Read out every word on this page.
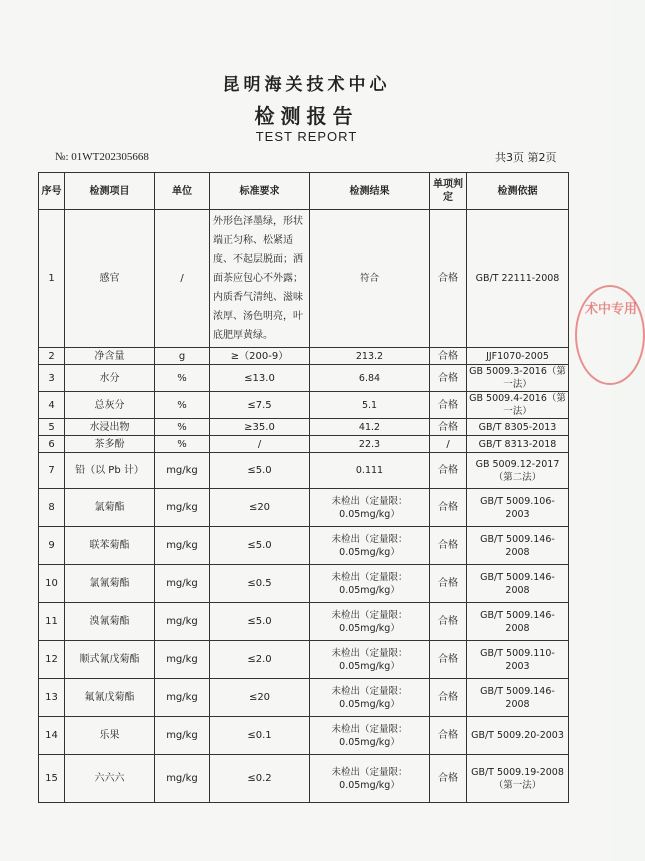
昆明海关技术中心
检测报告
TEST REPORT
№: 01WT202305668	共3页 第2页
序号	检测项目	单位	标准要求	检测结果	单项判定	检测依据
1	感官	/	外形色泽墨绿，形状端正匀称、松紧适度、不起层脱面；洒面茶应包心不外露；内质香气清纯、滋味浓厚、汤色明亮，叶底肥厚黄绿。	符合	合格	GB/T 22111-2008
2	净含量	g	≥（200-9）	213.2	合格	JJF1070-2005
3	水分	%	≤13.0	6.84	合格	GB 5009.3-2016（第一法）
4	总灰分	%	≤7.5	5.1	合格	GB 5009.4-2016（第一法）
5	水浸出物	%	≥35.0	41.2	合格	GB/T 8305-2013
6	茶多酚	%	/	22.3	/	GB/T 8313-2018
7	铅（以 Pb 计）	mg/kg	≤5.0	0.111	合格	GB 5009.12-2017（第二法）
8	氯菊酯	mg/kg	≤20	未检出（定量限：0.05mg/kg）	合格	GB/T 5009.106-2003
9	联苯菊酯	mg/kg	≤5.0	未检出（定量限：0.05mg/kg）	合格	GB/T 5009.146-2008
10	氯氰菊酯	mg/kg	≤0.5	未检出（定量限：0.05mg/kg）	合格	GB/T 5009.146-2008
11	溴氰菊酯	mg/kg	≤5.0	未检出（定量限：0.05mg/kg）	合格	GB/T 5009.146-2008
12	顺式氰戊菊酯	mg/kg	≤2.0	未检出（定量限：0.05mg/kg）	合格	GB/T 5009.110-2003
13	氟氰戊菊酯	mg/kg	≤20	未检出（定量限：0.05mg/kg）	合格	GB/T 5009.146-2008
14	乐果	mg/kg	≤0.1	未检出（定量限：0.05mg/kg）	合格	GB/T 5009.20-2003
15	六六六	mg/kg	≤0.2	未检出（定量限：0.05mg/kg）	合格	GB/T 5009.19-2008（第一法）
术中专用
